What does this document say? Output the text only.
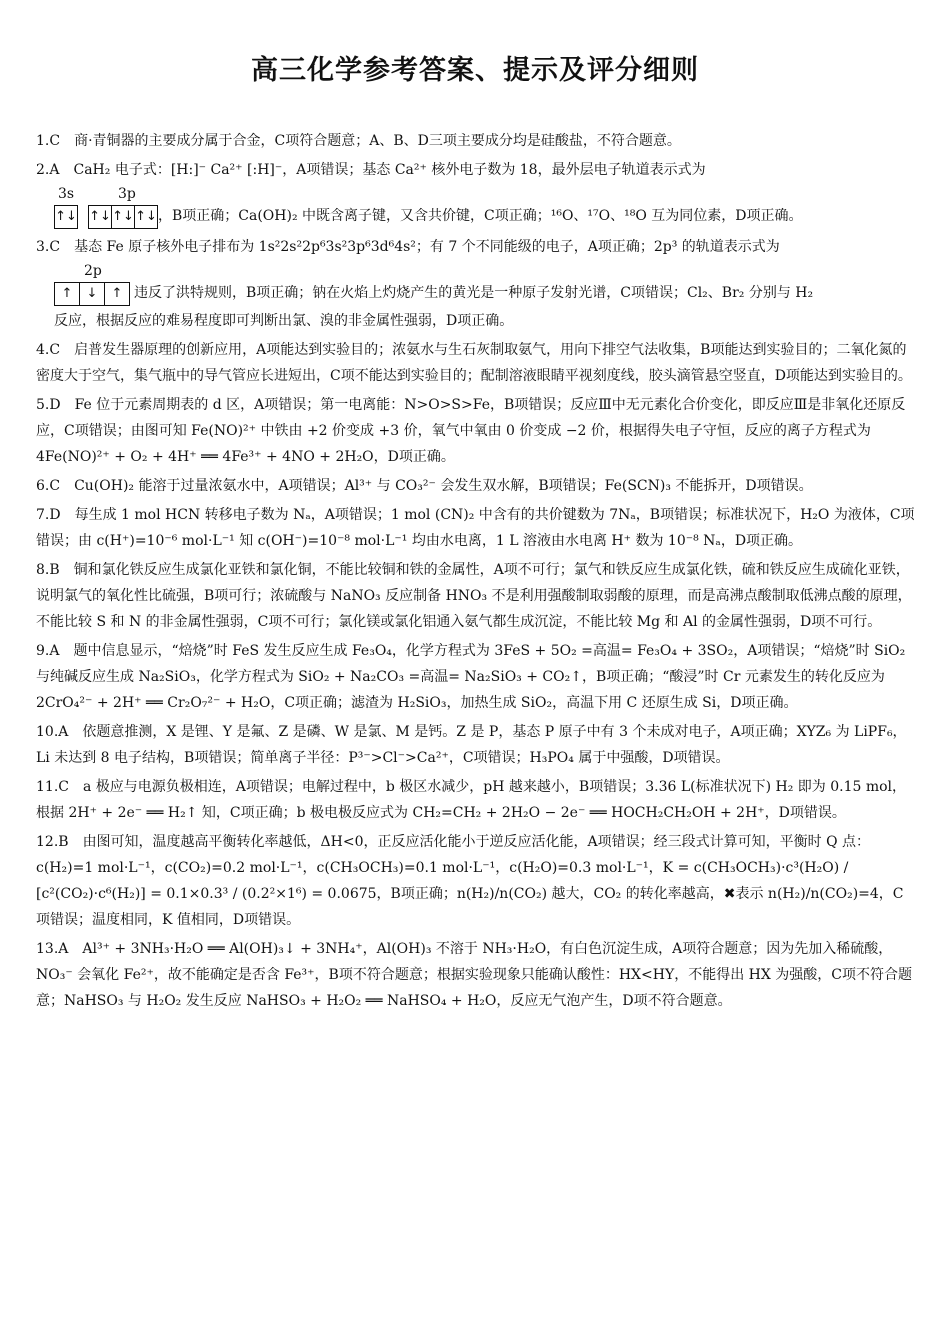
高三化学参考答案、提示及评分细则
1.C 商·青铜器的主要成分属于合金，C项符合题意；A、B、D三项主要成分均是硅酸盐，不符合题意。
2.A CaH₂ 电子式：[H:]⁻ Ca²⁺ [:H]⁻，A项错误；基态 Ca²⁺ 核外电子数为 18，最外层电子轨道表示式为
3s	3p
↑↓ ↑↓ ↑↓ ↑↓ ，B项正确；Ca(OH)₂ 中既含离子键，又含共价键，C项正确；¹⁶O、¹⁷O、¹⁸O 互为同位素，D项正确。
3.C 基态 Fe 原子核外电子排布为 1s²2s²2p⁶3s²3p⁶3d⁶4s²；有 7 个不同能级的电子，A项正确；2p³ 的轨道表示式为
2p
↑	↓	↑ 违反了洪特规则，B项正确；钠在火焰上灼烧产生的黄光是一种原子发射光谱，C项错误；Cl₂、Br₂ 分别与 H₂
反应，根据反应的难易程度即可判断出氯、溴的非金属性强弱，D项正确。
4.C 启普发生器原理的创新应用，A项能达到实验目的；浓氨水与生石灰制取氨气，用向下排空气法收集，B项能达到实验目的；二氧化氮的密度大于空气，集气瓶中的导气管应长进短出，C项不能达到实验目的；配制溶液眼睛平视刻度线，胶头滴管悬空竖直，D项能达到实验目的。
5.D Fe 位于元素周期表的 d 区，A项错误；第一电离能：N>O>S>Fe，B项错误；反应Ⅲ中无元素化合价变化，即反应Ⅲ是非氧化还原反应，C项错误；由图可知 Fe(NO)²⁺ 中铁由 +2 价变成 +3 价，氧气中氧由 0 价变成 −2 价，根据得失电子守恒，反应的离子方程式为 4Fe(NO)²⁺ + O₂ + 4H⁺ ══ 4Fe³⁺ + 4NO + 2H₂O，D项正确。
6.C Cu(OH)₂ 能溶于过量浓氨水中，A项错误；Al³⁺ 与 CO₃²⁻ 会发生双水解，B项错误；Fe(SCN)₃ 不能拆开，D项错误。
7.D 每生成 1 mol HCN 转移电子数为 Nₐ，A项错误；1 mol (CN)₂ 中含有的共价键数为 7Nₐ，B项错误；标准状况下，H₂O 为液体，C项错误；由 c(H⁺)=10⁻⁶ mol·L⁻¹ 知 c(OH⁻)=10⁻⁸ mol·L⁻¹ 均由水电离，1 L 溶液由水电离 H⁺ 数为 10⁻⁸ Nₐ，D项正确。
8.B 铜和氯化铁反应生成氯化亚铁和氯化铜，不能比较铜和铁的金属性，A项不可行；氯气和铁反应生成氯化铁，硫和铁反应生成硫化亚铁，说明氯气的氧化性比硫强，B项可行；浓硫酸与 NaNO₃ 反应制备 HNO₃ 不是利用强酸制取弱酸的原理，而是高沸点酸制取低沸点酸的原理，不能比较 S 和 N 的非金属性强弱，C项不可行；氯化镁或氯化铝通入氨气都生成沉淀，不能比较 Mg 和 Al 的金属性强弱，D项不可行。
9.A 题中信息显示，“焙烧”时 FeS 发生反应生成 Fe₃O₄，化学方程式为 3FeS + 5O₂ =高温= Fe₃O₄ + 3SO₂，A项错误；“焙烧”时 SiO₂ 与纯碱反应生成 Na₂SiO₃，化学方程式为 SiO₂ + Na₂CO₃ =高温= Na₂SiO₃ + CO₂↑，B项正确；“酸浸”时 Cr 元素发生的转化反应为 2CrO₄²⁻ + 2H⁺ ══ Cr₂O₇²⁻ + H₂O，C项正确；滤渣为 H₂SiO₃，加热生成 SiO₂，高温下用 C 还原生成 Si，D项正确。
10.A 依题意推测，X 是锂、Y 是氟、Z 是磷、W 是氯、M 是钙。Z 是 P，基态 P 原子中有 3 个未成对电子，A项正确；XYZ₆ 为 LiPF₆，Li 未达到 8 电子结构，B项错误；简单离子半径：P³⁻>Cl⁻>Ca²⁺，C项错误；H₃PO₄ 属于中强酸，D项错误。
11.C a 极应与电源负极相连，A项错误；电解过程中，b 极区水减少，pH 越来越小，B项错误；3.36 L(标准状况下) H₂ 即为 0.15 mol，根据 2H⁺ + 2e⁻ ══ H₂↑ 知，C项正确；b 极电极反应式为 CH₂=CH₂ + 2H₂O − 2e⁻ ══ HOCH₂CH₂OH + 2H⁺，D项错误。
12.B 由图可知，温度越高平衡转化率越低，ΔH<0，正反应活化能小于逆反应活化能，A项错误；经三段式计算可知，平衡时 Q 点：c(H₂)=1 mol·L⁻¹，c(CO₂)=0.2 mol·L⁻¹，c(CH₃OCH₃)=0.1 mol·L⁻¹，c(H₂O)=0.3 mol·L⁻¹，K = c(CH₃OCH₃)·c³(H₂O) / [c²(CO₂)·c⁶(H₂)] = 0.1×0.3³ / (0.2²×1⁶) = 0.0675，B项正确；n(H₂)/n(CO₂) 越大，CO₂ 的转化率越高，✖表示 n(H₂)/n(CO₂)=4，C项错误；温度相同，K 值相同，D项错误。
13.A Al³⁺ + 3NH₃·H₂O ══ Al(OH)₃↓ + 3NH₄⁺，Al(OH)₃ 不溶于 NH₃·H₂O，有白色沉淀生成，A项符合题意；因为先加入稀硫酸，NO₃⁻ 会氧化 Fe²⁺，故不能确定是否含 Fe³⁺，B项不符合题意；根据实验现象只能确认酸性：HX<HY，不能得出 HX 为强酸，C项不符合题意；NaHSO₃ 与 H₂O₂ 发生反应 NaHSO₃ + H₂O₂ ══ NaHSO₄ + H₂O，反应无气泡产生，D项不符合题意。
